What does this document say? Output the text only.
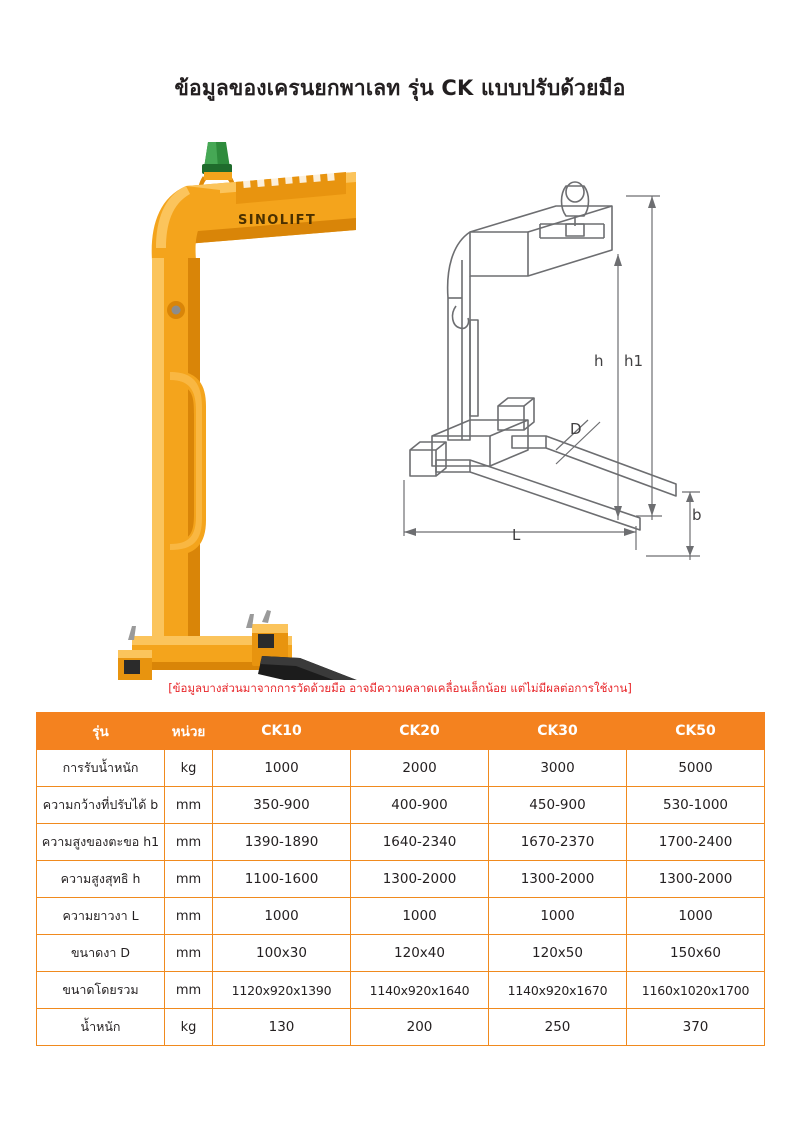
ข้อมูลของเครนยกพาเลท รุ่น CK แบบปรับด้วยมือ
SINOLIFT
h h1
D
b
L
[ข้อมูลบางส่วนมาจากการวัดด้วยมือ อาจมีความคลาดเคลื่อนเล็กน้อย แต่ไม่มีผลต่อการใช้งาน]
รุ่น	หน่วย	CK10	CK20	CK30	CK50
การรับน้ำหนัก	kg	1000	2000	3000	5000
ความกว้างที่ปรับได้ b	mm	350-900	400-900	450-900	530-1000
ความสูงของตะขอ h1	mm	1390-1890	1640-2340	1670-2370	1700-2400
ความสูงสุทธิ h	mm	1100-1600	1300-2000	1300-2000	1300-2000
ความยาวงา L	mm	1000	1000	1000	1000
ขนาดงา D	mm	100x30	120x40	120x50	150x60
ขนาดโดยรวม	mm	1120x920x1390	1140x920x1640	1140x920x1670	1160x1020x1700
น้ำหนัก	kg	130	200	250	370
